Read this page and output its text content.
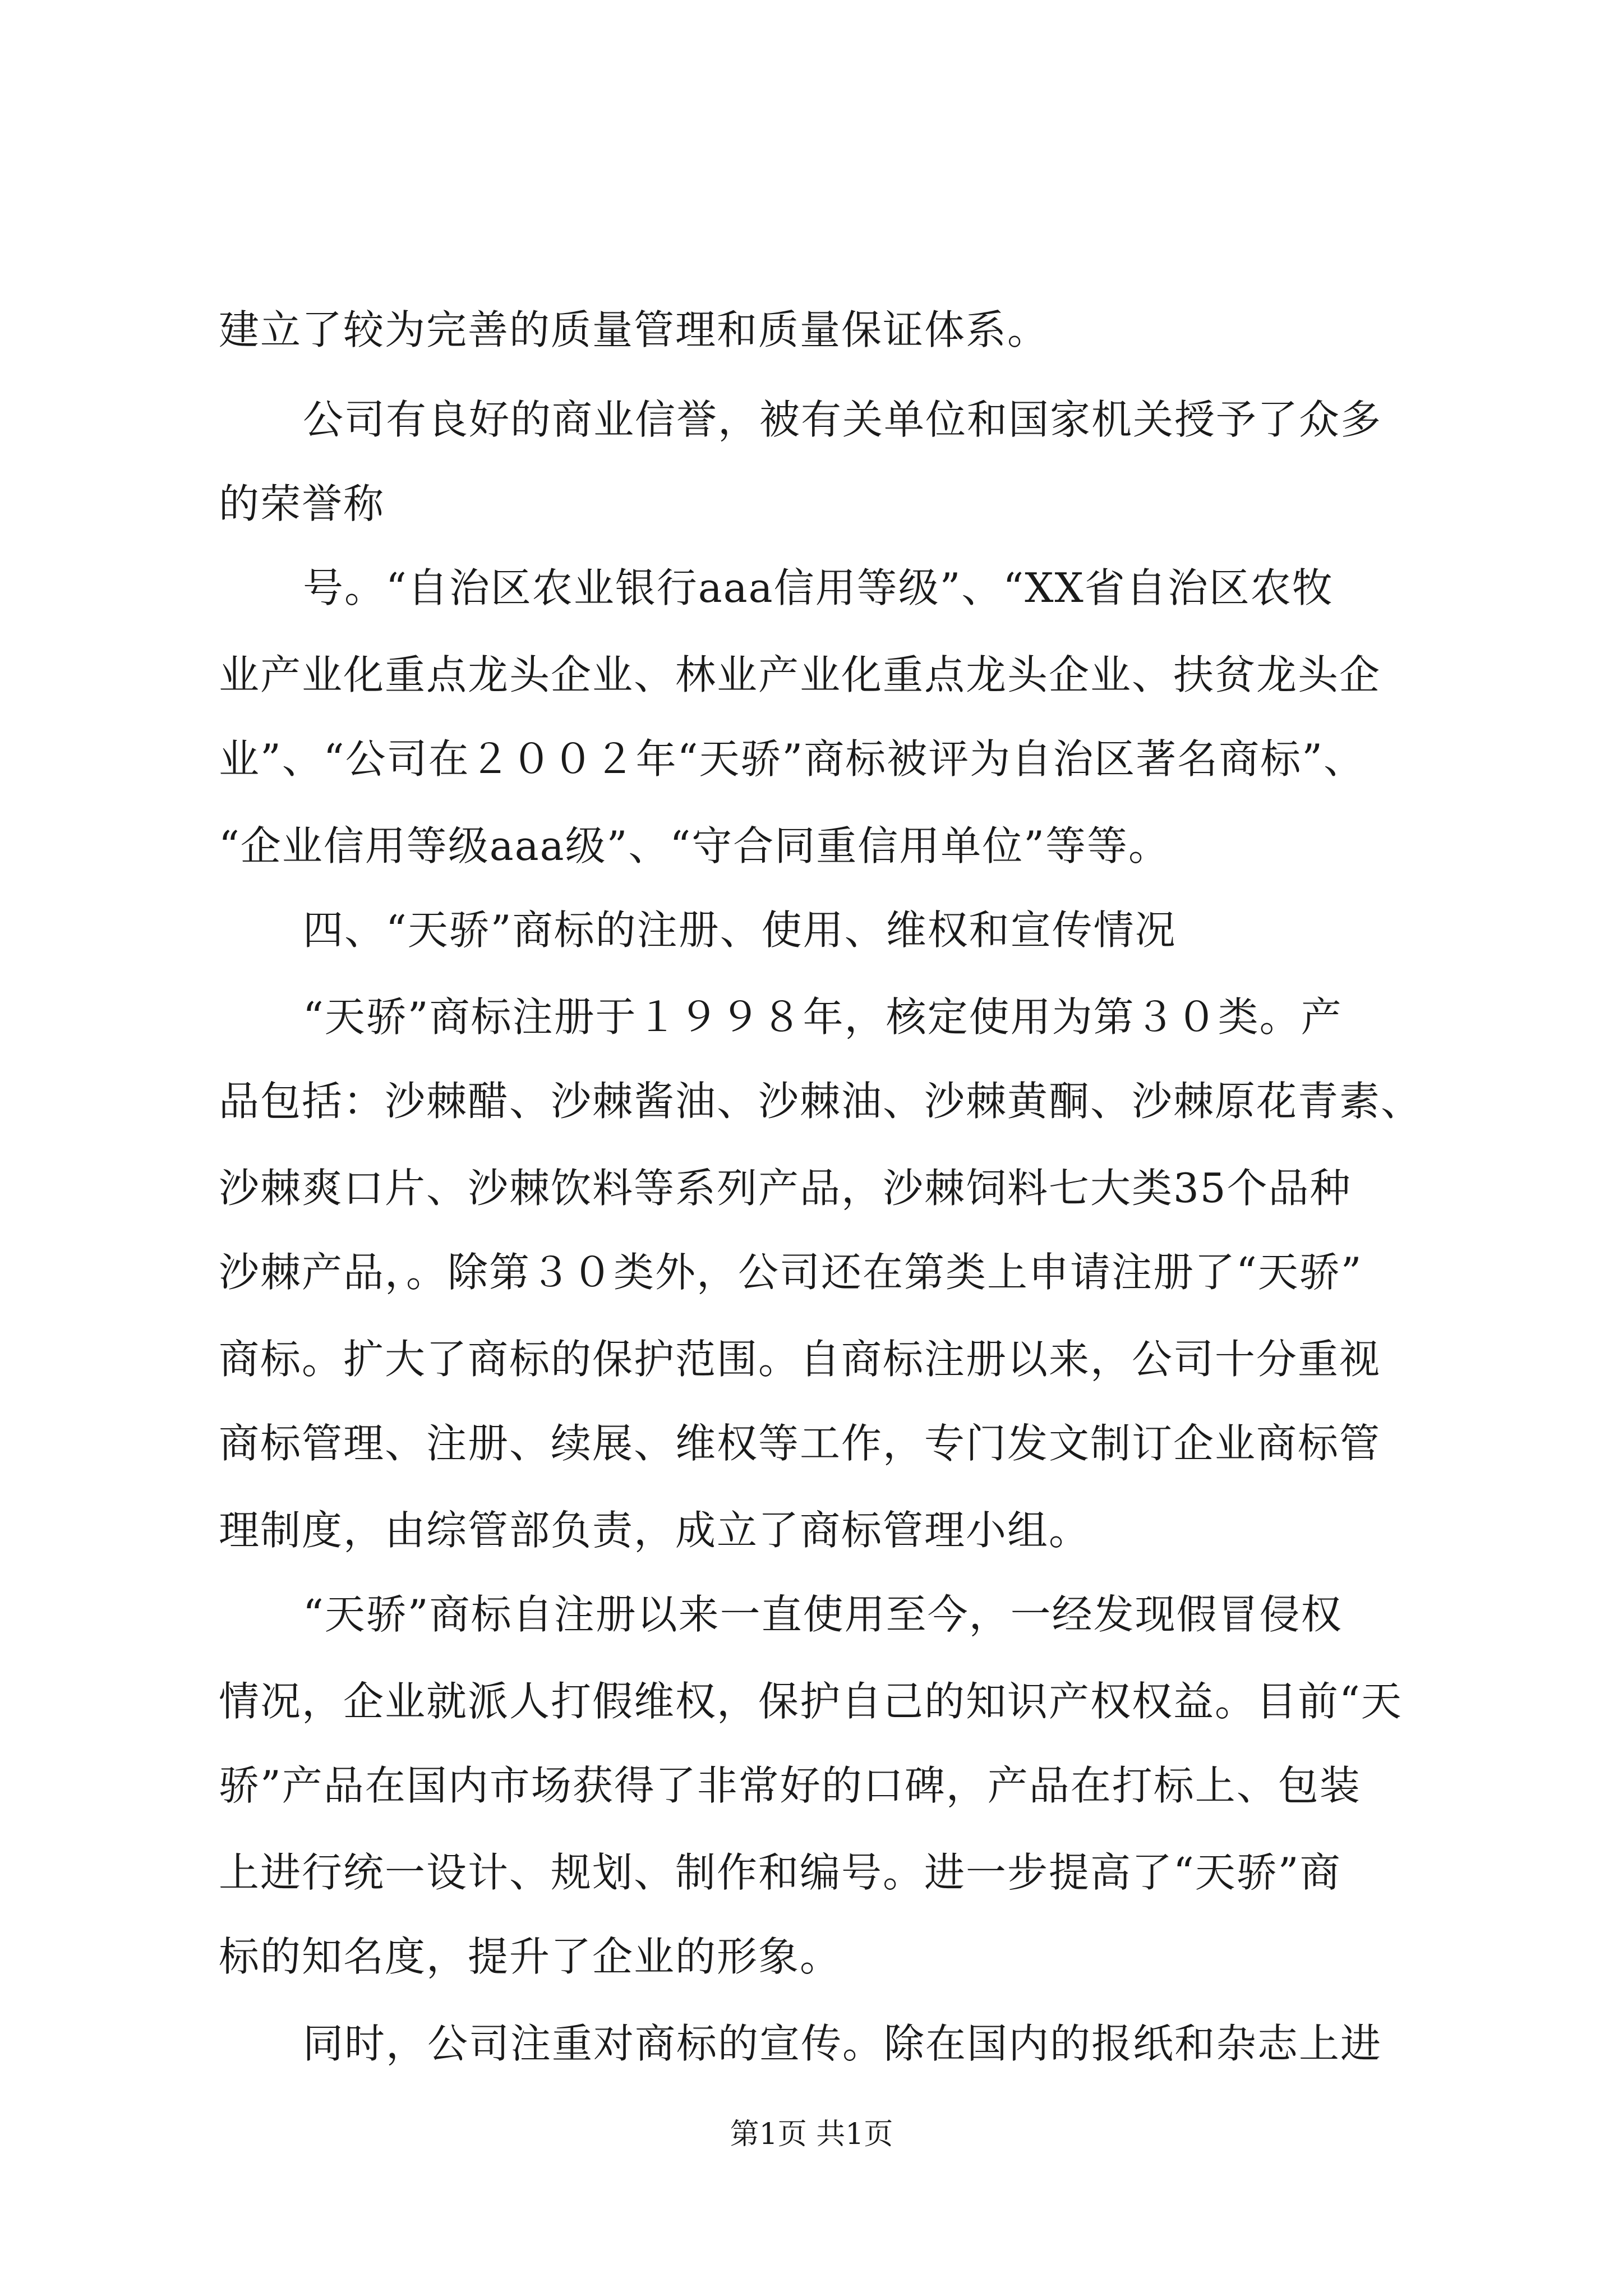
建立了较为完善的质量管理和质量保证体系。
公司有良好的商业信誉，被有关单位和国家机关授予了众多
的荣誉称
号。“自治区农业银行aaa信用等级”、“XX省自治区农牧
业产业化重点龙头企业、林业产业化重点龙头企业、扶贫龙头企
业”、“公司在２００２年“天骄”商标被评为自治区著名商标”、
“企业信用等级aaa级”、“守合同重信用单位”等等。
四、“天骄”商标的注册、使用、维权和宣传情况
“天骄”商标注册于１９９８年，核定使用为第３０类。产
品包括：沙棘醋、沙棘酱油、沙棘油、沙棘黄酮、沙棘原花青素、
沙棘爽口片、沙棘饮料等系列产品，沙棘饲料七大类35个品种
沙棘产品，。除第３０类外，公司还在第类上申请注册了“天骄”
商标。扩大了商标的保护范围。自商标注册以来，公司十分重视
商标管理、注册、续展、维权等工作，专门发文制订企业商标管
理制度，由综管部负责，成立了商标管理小组。
“天骄”商标自注册以来一直使用至今，一经发现假冒侵权
情况，企业就派人打假维权，保护自己的知识产权权益。目前“天
骄”产品在国内市场获得了非常好的口碑，产品在打标上、包装
上进行统一设计、规划、制作和编号。进一步提高了“天骄”商
标的知名度，提升了企业的形象。
同时，公司注重对商标的宣传。除在国内的报纸和杂志上进
第1页 共1页
